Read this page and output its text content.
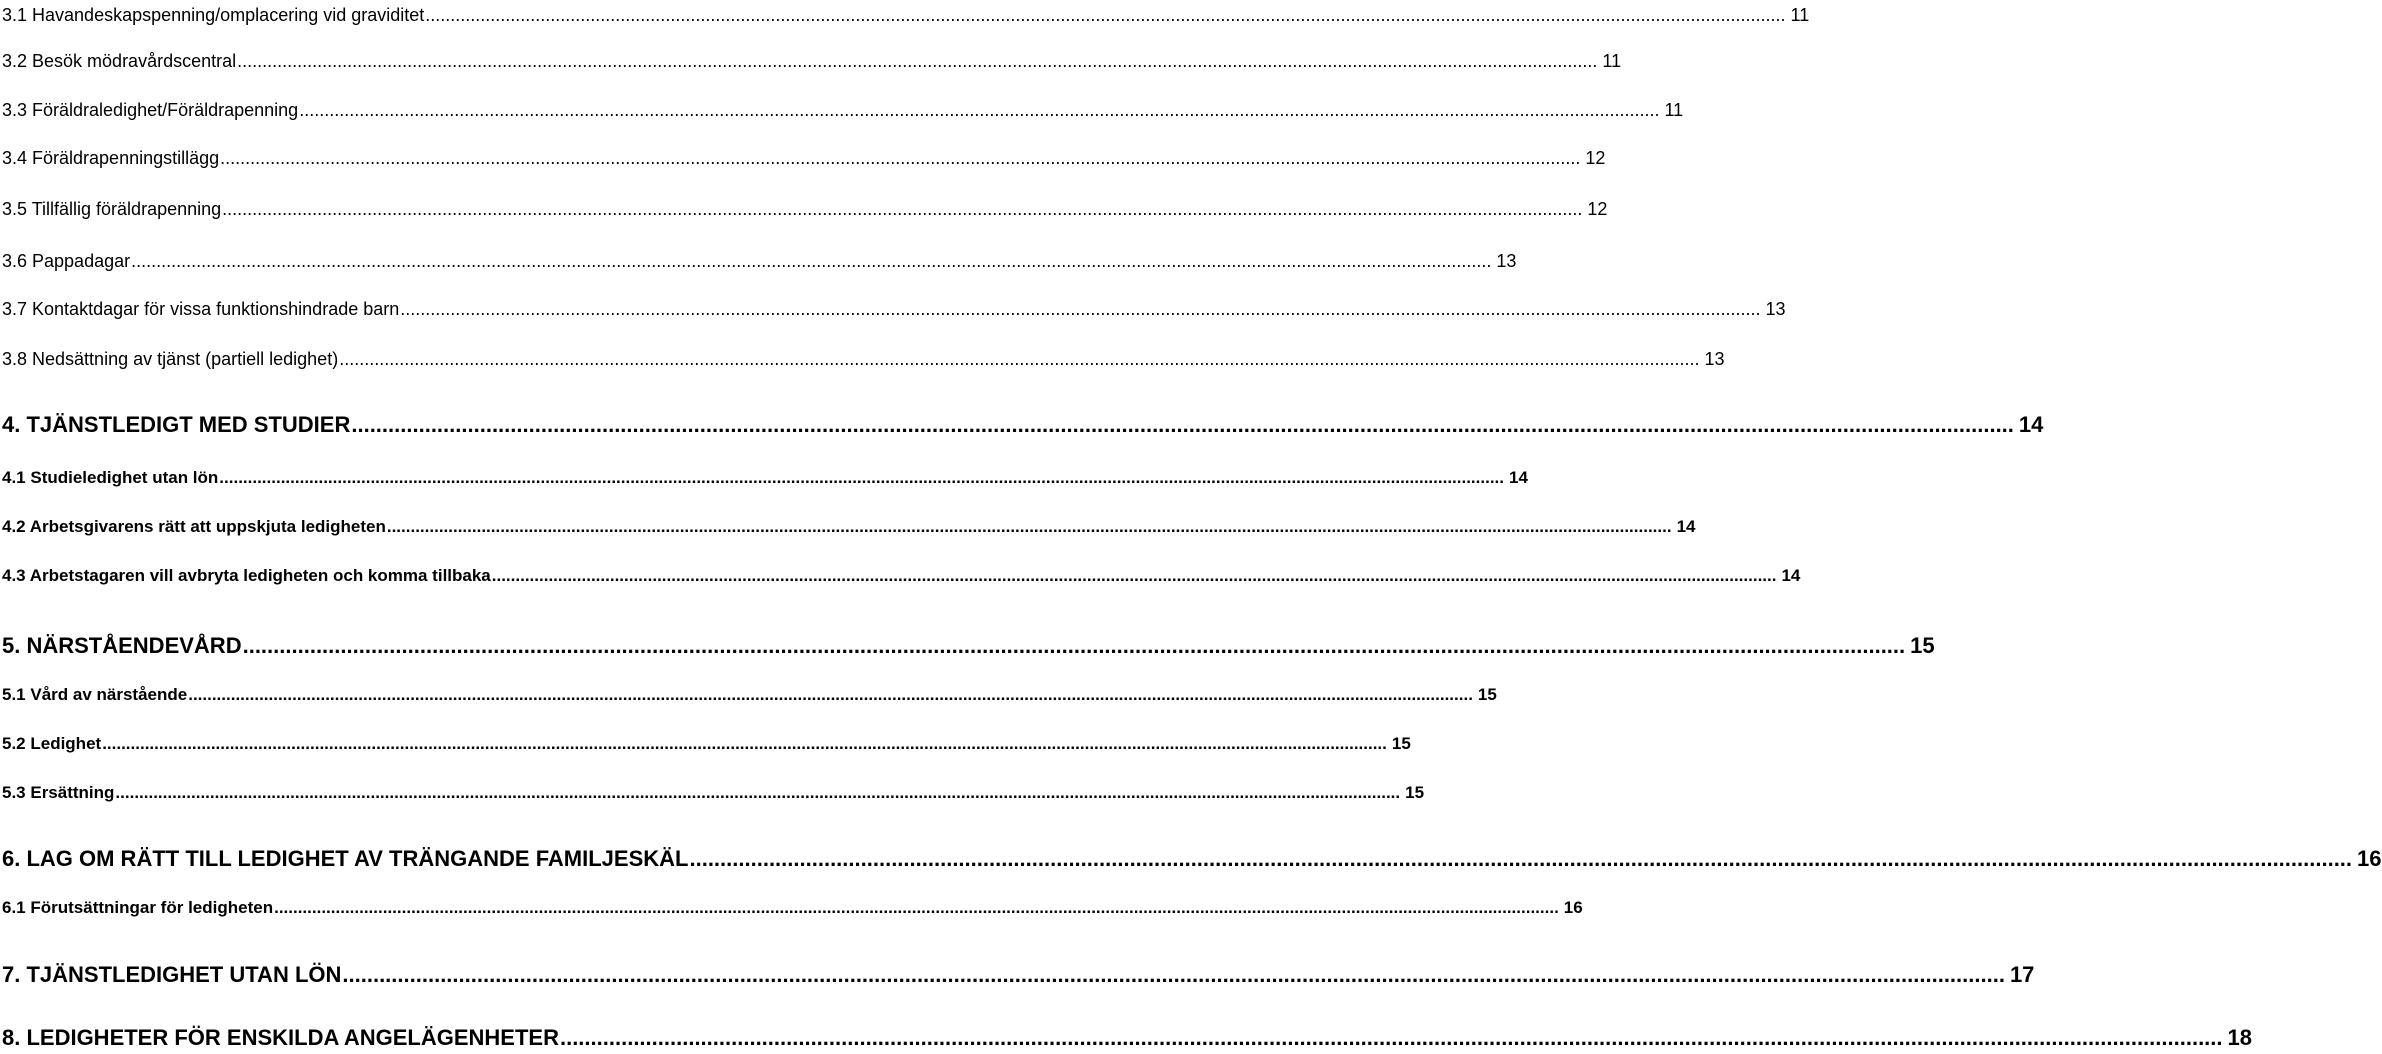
3.1 Havandeskapspenning/omplacering vid graviditet .....	11
3.2 Besök mödravårdscentral .....	11
3.3 Föräldraledighet/Föräldrapenning .....	11
3.4 Föräldrapenningstillägg .....	12
3.5 Tillfällig föräldrapenning .....	12
3.6 Pappadagar .....	13
3.7 Kontaktdagar för vissa funktionshindrade barn .....	13
3.8 Nedsättning av tjänst (partiell ledighet) .....	13
4. TJÄNSTLEDIGT MED STUDIER .....	14
4.1 Studieledighet utan lön .....	14
4.2 Arbetsgivarens rätt att uppskjuta ledigheten .....	14
4.3 Arbetstagaren vill avbryta ledigheten och komma tillbaka .....	14
5. NÄRSTÅENDEVÅRD .....	15
5.1 Vård av närstående .....	15
5.2 Ledighet .....	15
5.3 Ersättning .....	15
6. LAG OM RÄTT TILL LEDIGHET AV TRÄNGANDE FAMILJESKÄL .....	16
6.1 Förutsättningar för ledigheten .....	16
7. TJÄNSTLEDIGHET UTAN LÖN .....	17
8. LEDIGHETER FÖR ENSKILDA ANGELÄGENHETER .....	18
